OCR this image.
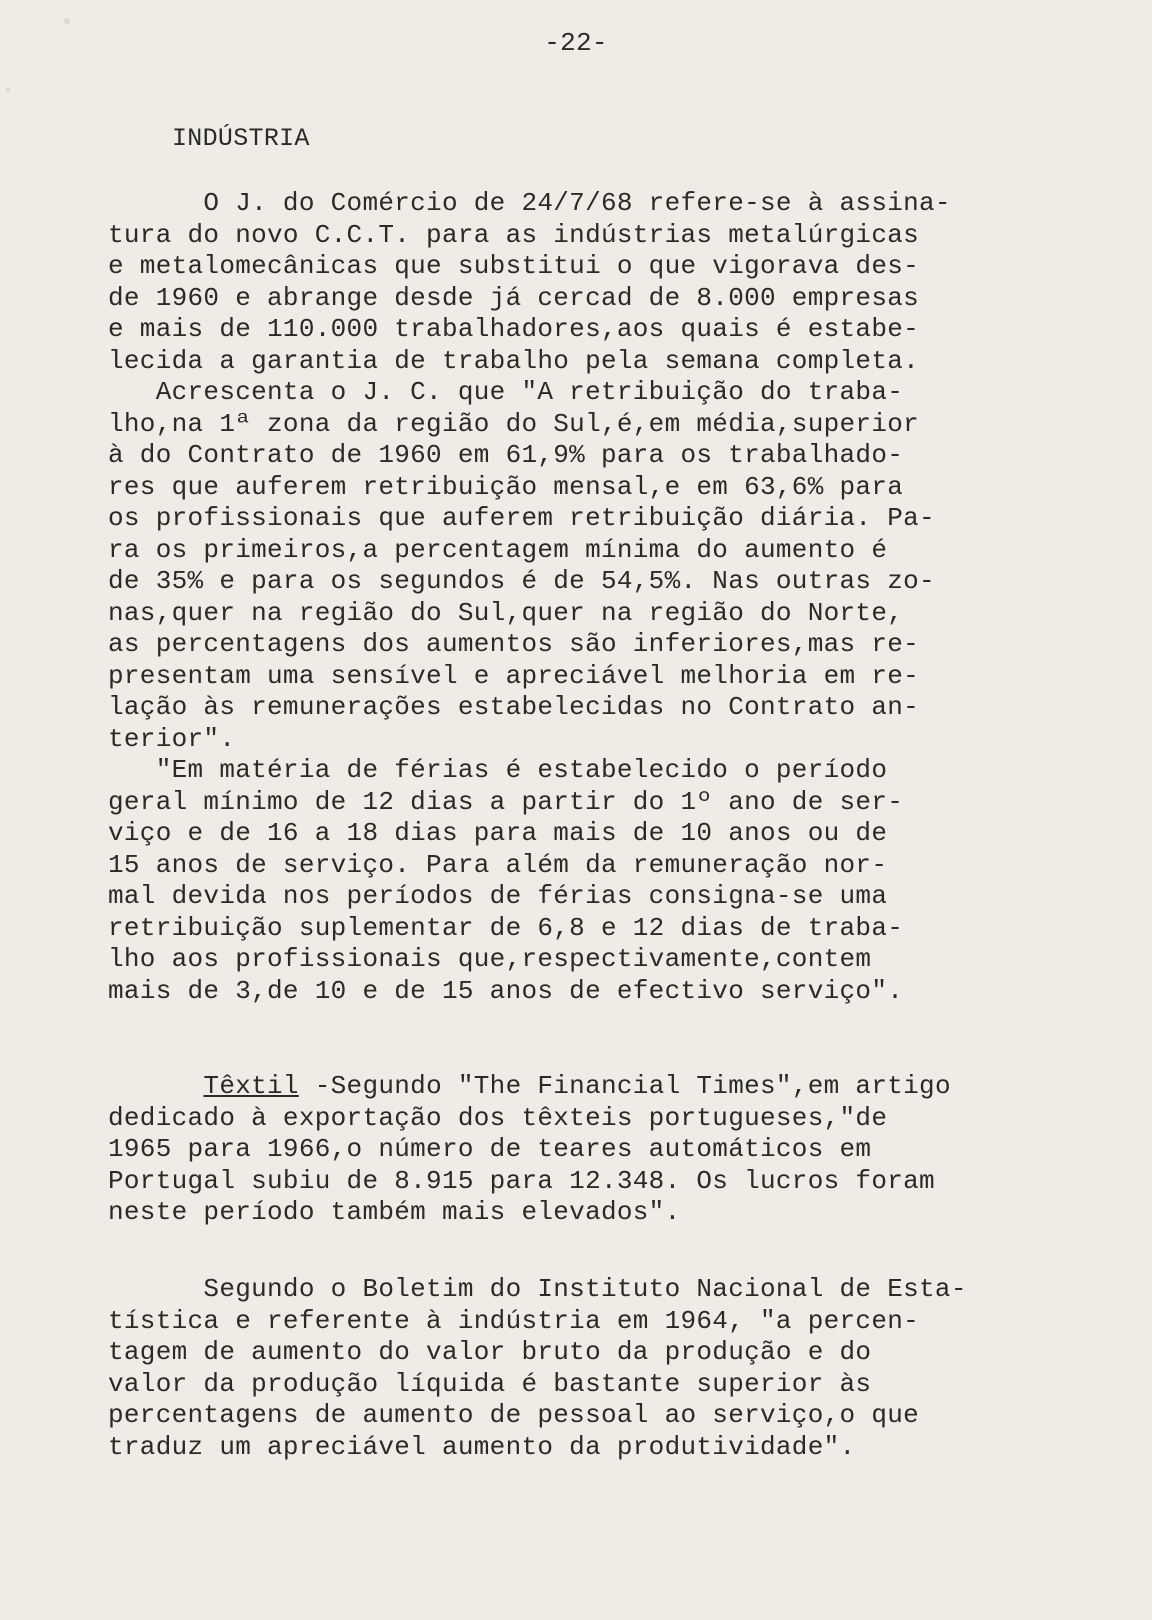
-22-
INDÚSTRIA
O J. do Comércio de 24/7/68 refere-se à assina-
tura do novo C.C.T. para as indústrias metalúrgicas
e metalomecânicas que substitui o que vigorava des-
de 1960 e abrange desde já cercad de 8.000 empresas
e mais de 110.000 trabalhadores,aos quais é estabe-
lecida a garantia de trabalho pela semana completa.
Acrescenta o J. C. que "A retribuição do traba-
lho,na 1ª zona da região do Sul,é,em média,superior
à do Contrato de 1960 em 61,9% para os trabalhado-
res que auferem retribuição mensal,e em 63,6% para
os profissionais que auferem retribuição diária. Pa-
ra os primeiros,a percentagem mínima do aumento é
de 35% e para os segundos é de 54,5%. Nas outras zo-
nas,quer na região do Sul,quer na região do Norte,
as percentagens dos aumentos são inferiores,mas re-
presentam uma sensível e apreciável melhoria em re-
lação às remunerações estabelecidas no Contrato an-
terior".
"Em matéria de férias é estabelecido o período
geral mínimo de 12 dias a partir do 1º ano de ser-
viço e de 16 a 18 dias para mais de 10 anos ou de
15 anos de serviço. Para além da remuneração nor-
mal devida nos períodos de férias consigna-se uma
retribuição suplementar de 6,8 e 12 dias de traba-
lho aos profissionais que,respectivamente,contem
mais de 3,de 10 e de 15 anos de efectivo serviço".
Têxtil -Segundo "The Financial Times",em artigo
dedicado à exportação dos têxteis portugueses,"de
1965 para 1966,o número de teares automáticos em
Portugal subiu de 8.915 para 12.348. Os lucros foram
neste período também mais elevados".
Segundo o Boletim do Instituto Nacional de Esta-
tística e referente à indústria em 1964, "a percen-
tagem de aumento do valor bruto da produção e do
valor da produção líquida é bastante superior às
percentagens de aumento de pessoal ao serviço,o que
traduz um apreciável aumento da produtividade".
